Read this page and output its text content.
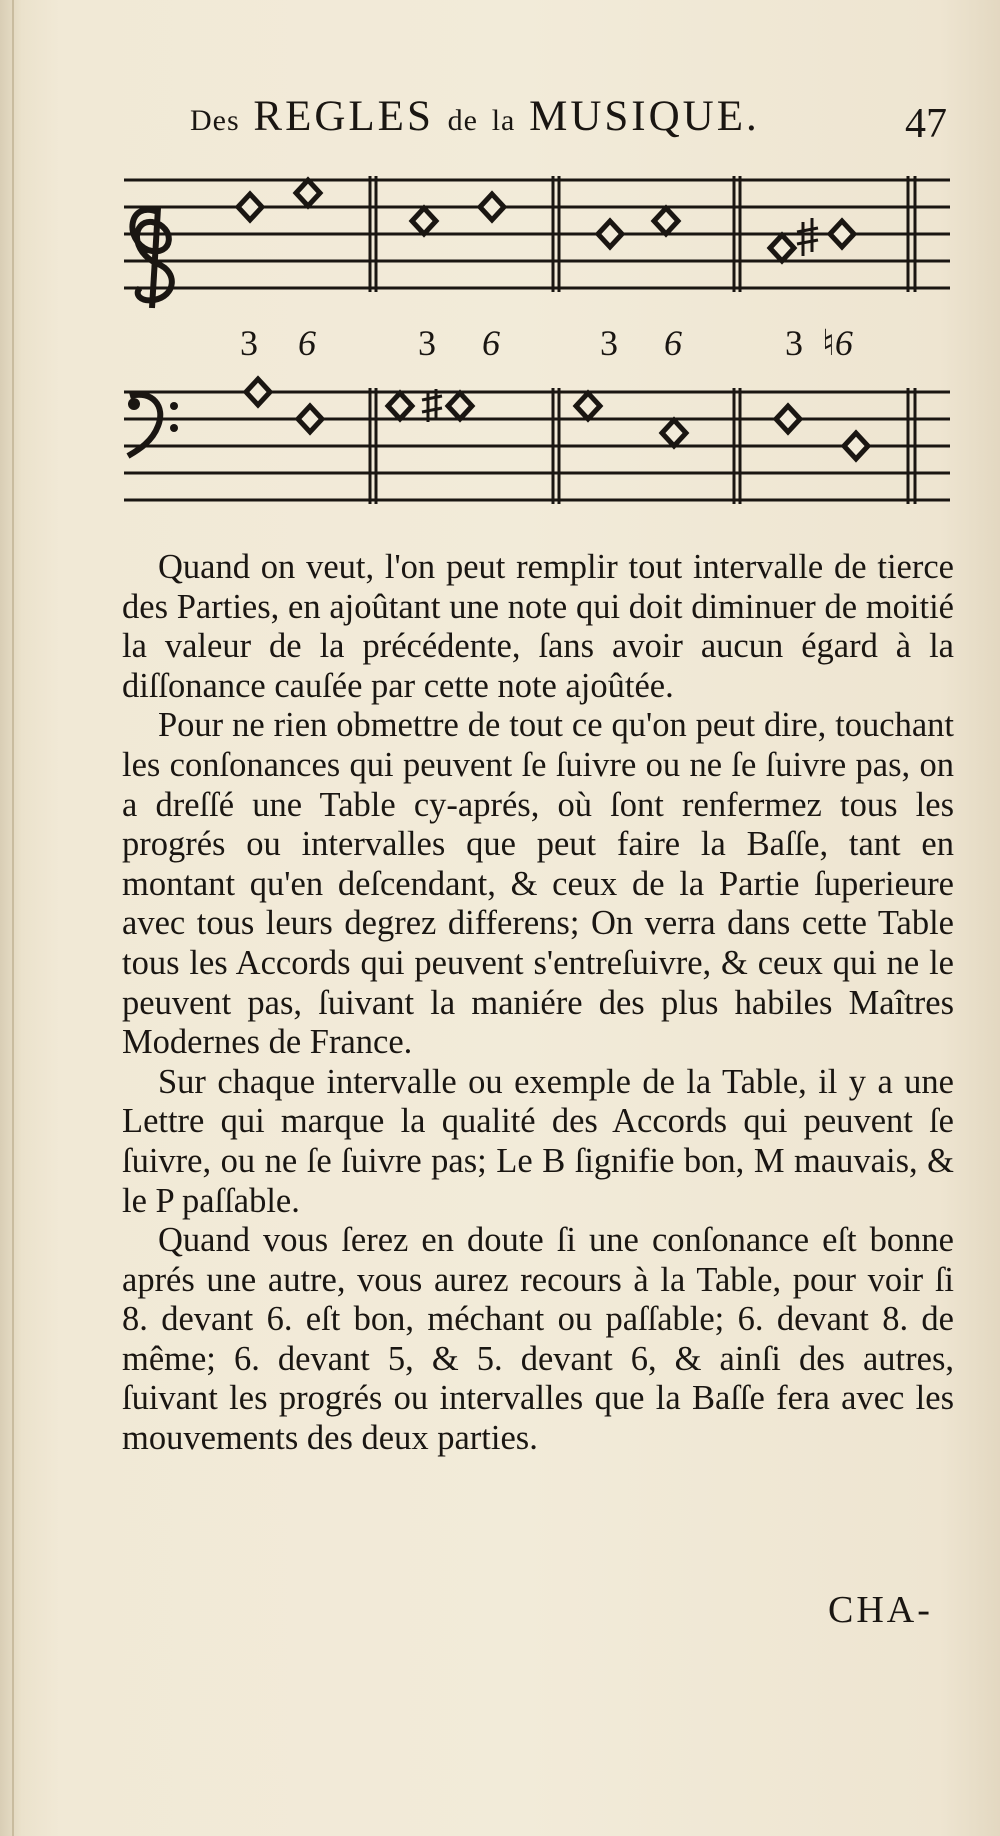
Des REGLES de la MUSIQUE.	47
3 6	3 6	3 6	3 ♮6

Quand on veut, l'on peut remplir tout intervalle de tierce des Parties, en ajoûtant une note qui doit diminuer de moitié la valeur de la précédente, ſans avoir aucun égard à la diſſonance cauſée par cette note ajoûtée.

Pour ne rien obmettre de tout ce qu'on peut dire, touchant les conſonances qui peuvent ſe ſuivre ou ne ſe ſuivre pas, on a dreſſé une Table cy-aprés, où ſont renfermez tous les progrés ou intervalles que peut faire la Baſſe, tant en montant qu'en deſcendant, & ceux de la Partie ſuperieure avec tous leurs degrez differens; On verra dans cette Table tous les Accords qui peuvent s'entreſuivre, & ceux qui ne le peuvent pas, ſuivant la maniére des plus habiles Maîtres Modernes de France.

Sur chaque intervalle ou exemple de la Table, il y a une Lettre qui marque la qualité des Accords qui peuvent ſe ſuivre, ou ne ſe ſuivre pas; Le B ſignifie bon, M mauvais, & le P paſſable.

Quand vous ſerez en doute ſi une conſonance eſt bonne aprés une autre, vous aurez recours à la Table, pour voir ſi 8. devant 6. eſt bon, méchant ou paſſable; 6. devant 8. de même; 6. devant 5, & 5. devant 6, & ainſi des autres, ſuivant les progrés ou intervalles que la Baſſe fera avec les mouvements des deux parties.

CHA-
